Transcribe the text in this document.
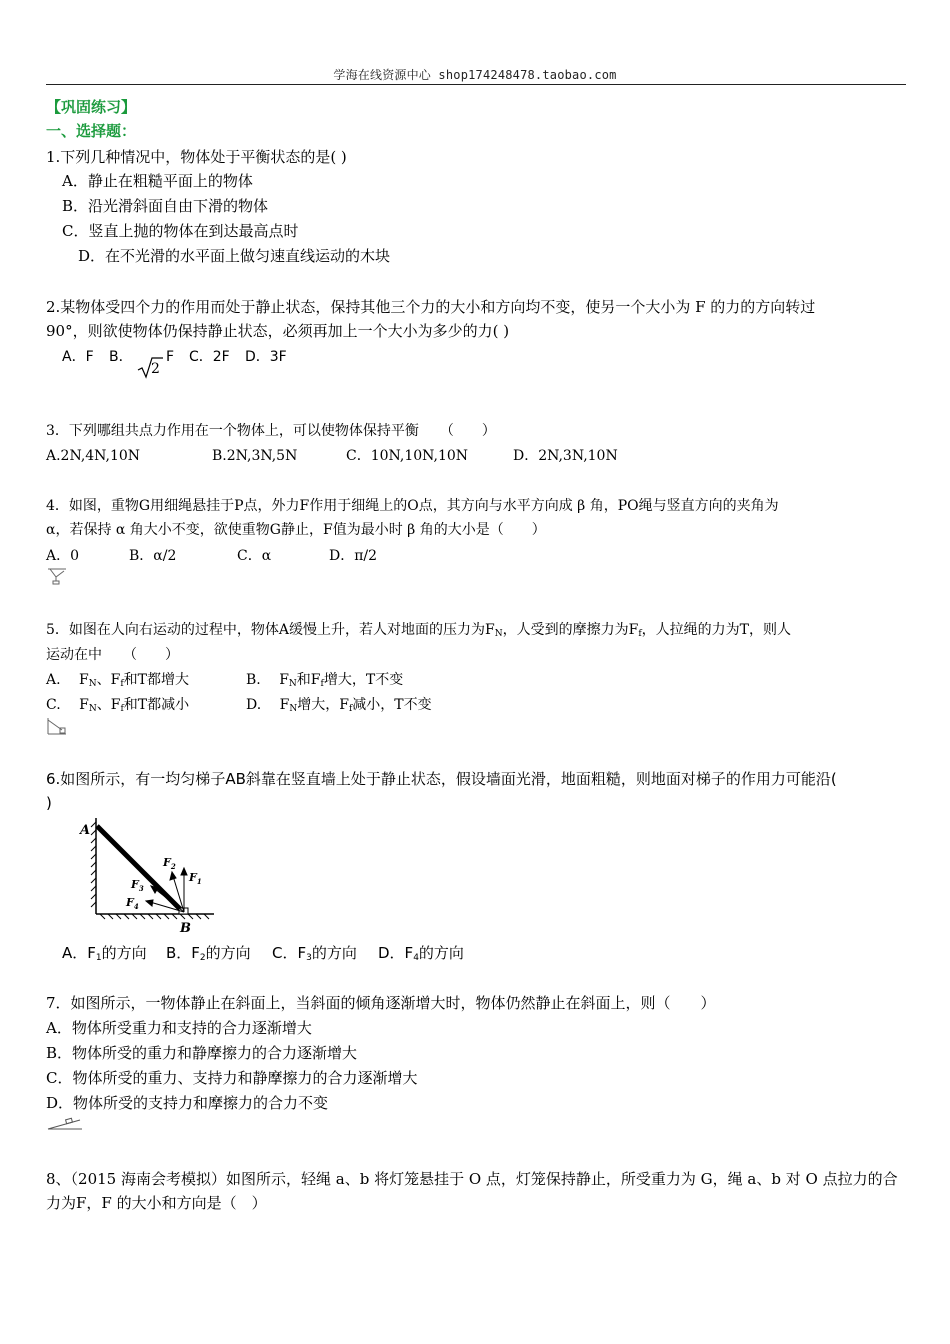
学海在线资源中心 shop174248478.taobao.com
【巩固练习】
一、选择题：
1.下列几种情况中，物体处于平衡状态的是( )
A．静止在粗糙平面上的物体
B．沿光滑斜面自由下滑的物体
C．竖直上抛的物体在到达最高点时
D．在不光滑的水平面上做匀速直线运动的木块
2.某物体受四个力的作用而处于静止状态，保持其他三个力的大小和方向均不变，使另一个大小为 F 的力的方向转过
90°，则欲使物体仍保持静止状态，必须再加上一个大小为多少的力( )
A．F B．
2
F C．2F D．3F
3．下列哪组共点力作用在一个物体上，可以使物体保持平衡　　（　　）
A.2N,4N,10N	B.2N,3N,5N	C．10N,10N,10N	D．2N,3N,10N
4．如图，重物G用细绳悬挂于P点，外力F作用于细绳上的O点，其方向与水平方向成 β 角，PO绳与竖直方向的夹角为
α，若保持 α 角大小不变，欲使重物G静止，F值为最小时 β 角的大小是（　　）
A．0	B．α/2	C．α	D．π/2
5．如图在人向右运动的过程中，物体A缓慢上升，若人对地面的压力为$F_N$，人受到的摩擦力为$F_f$，人拉绳的力为T，则人
运动在中　　（　　）
A. $F_N$、$F_f$和T都增大	B. $F_N$和$F_f$增大，T不变
C. $F_N$、$F_f$和T都减小	D. $F_N$增大，$F_f$减小，T不变
6.如图所示，有一均匀梯子AB斜靠在竖直墙上处于静止状态，假设墙面光滑，地面粗糙，则地面对梯子的作用力可能沿(
)
A
B
$F_1$
$F_2$
$F_3$
$F_4$
A．$F_1$的方向 B．$F_2$的方向 C．$F_3$的方向 D．$F_4$的方向
7．如图所示，一物体静止在斜面上，当斜面的倾角逐渐增大时，物体仍然静止在斜面上，则（　　）
A．物体所受重力和支持的合力逐渐增大
B．物体所受的重力和静摩擦力的合力逐渐增大
C．物体所受的重力、支持力和静摩擦力的合力逐渐增大
D．物体所受的支持力和摩擦力的合力不变
8、（2015 海南会考模拟）如图所示，轻绳 a、b 将灯笼悬挂于 O 点，灯笼保持静止，所受重力为 G，绳 a、b 对 O 点拉力的合
力为F，F 的大小和方向是（　）
